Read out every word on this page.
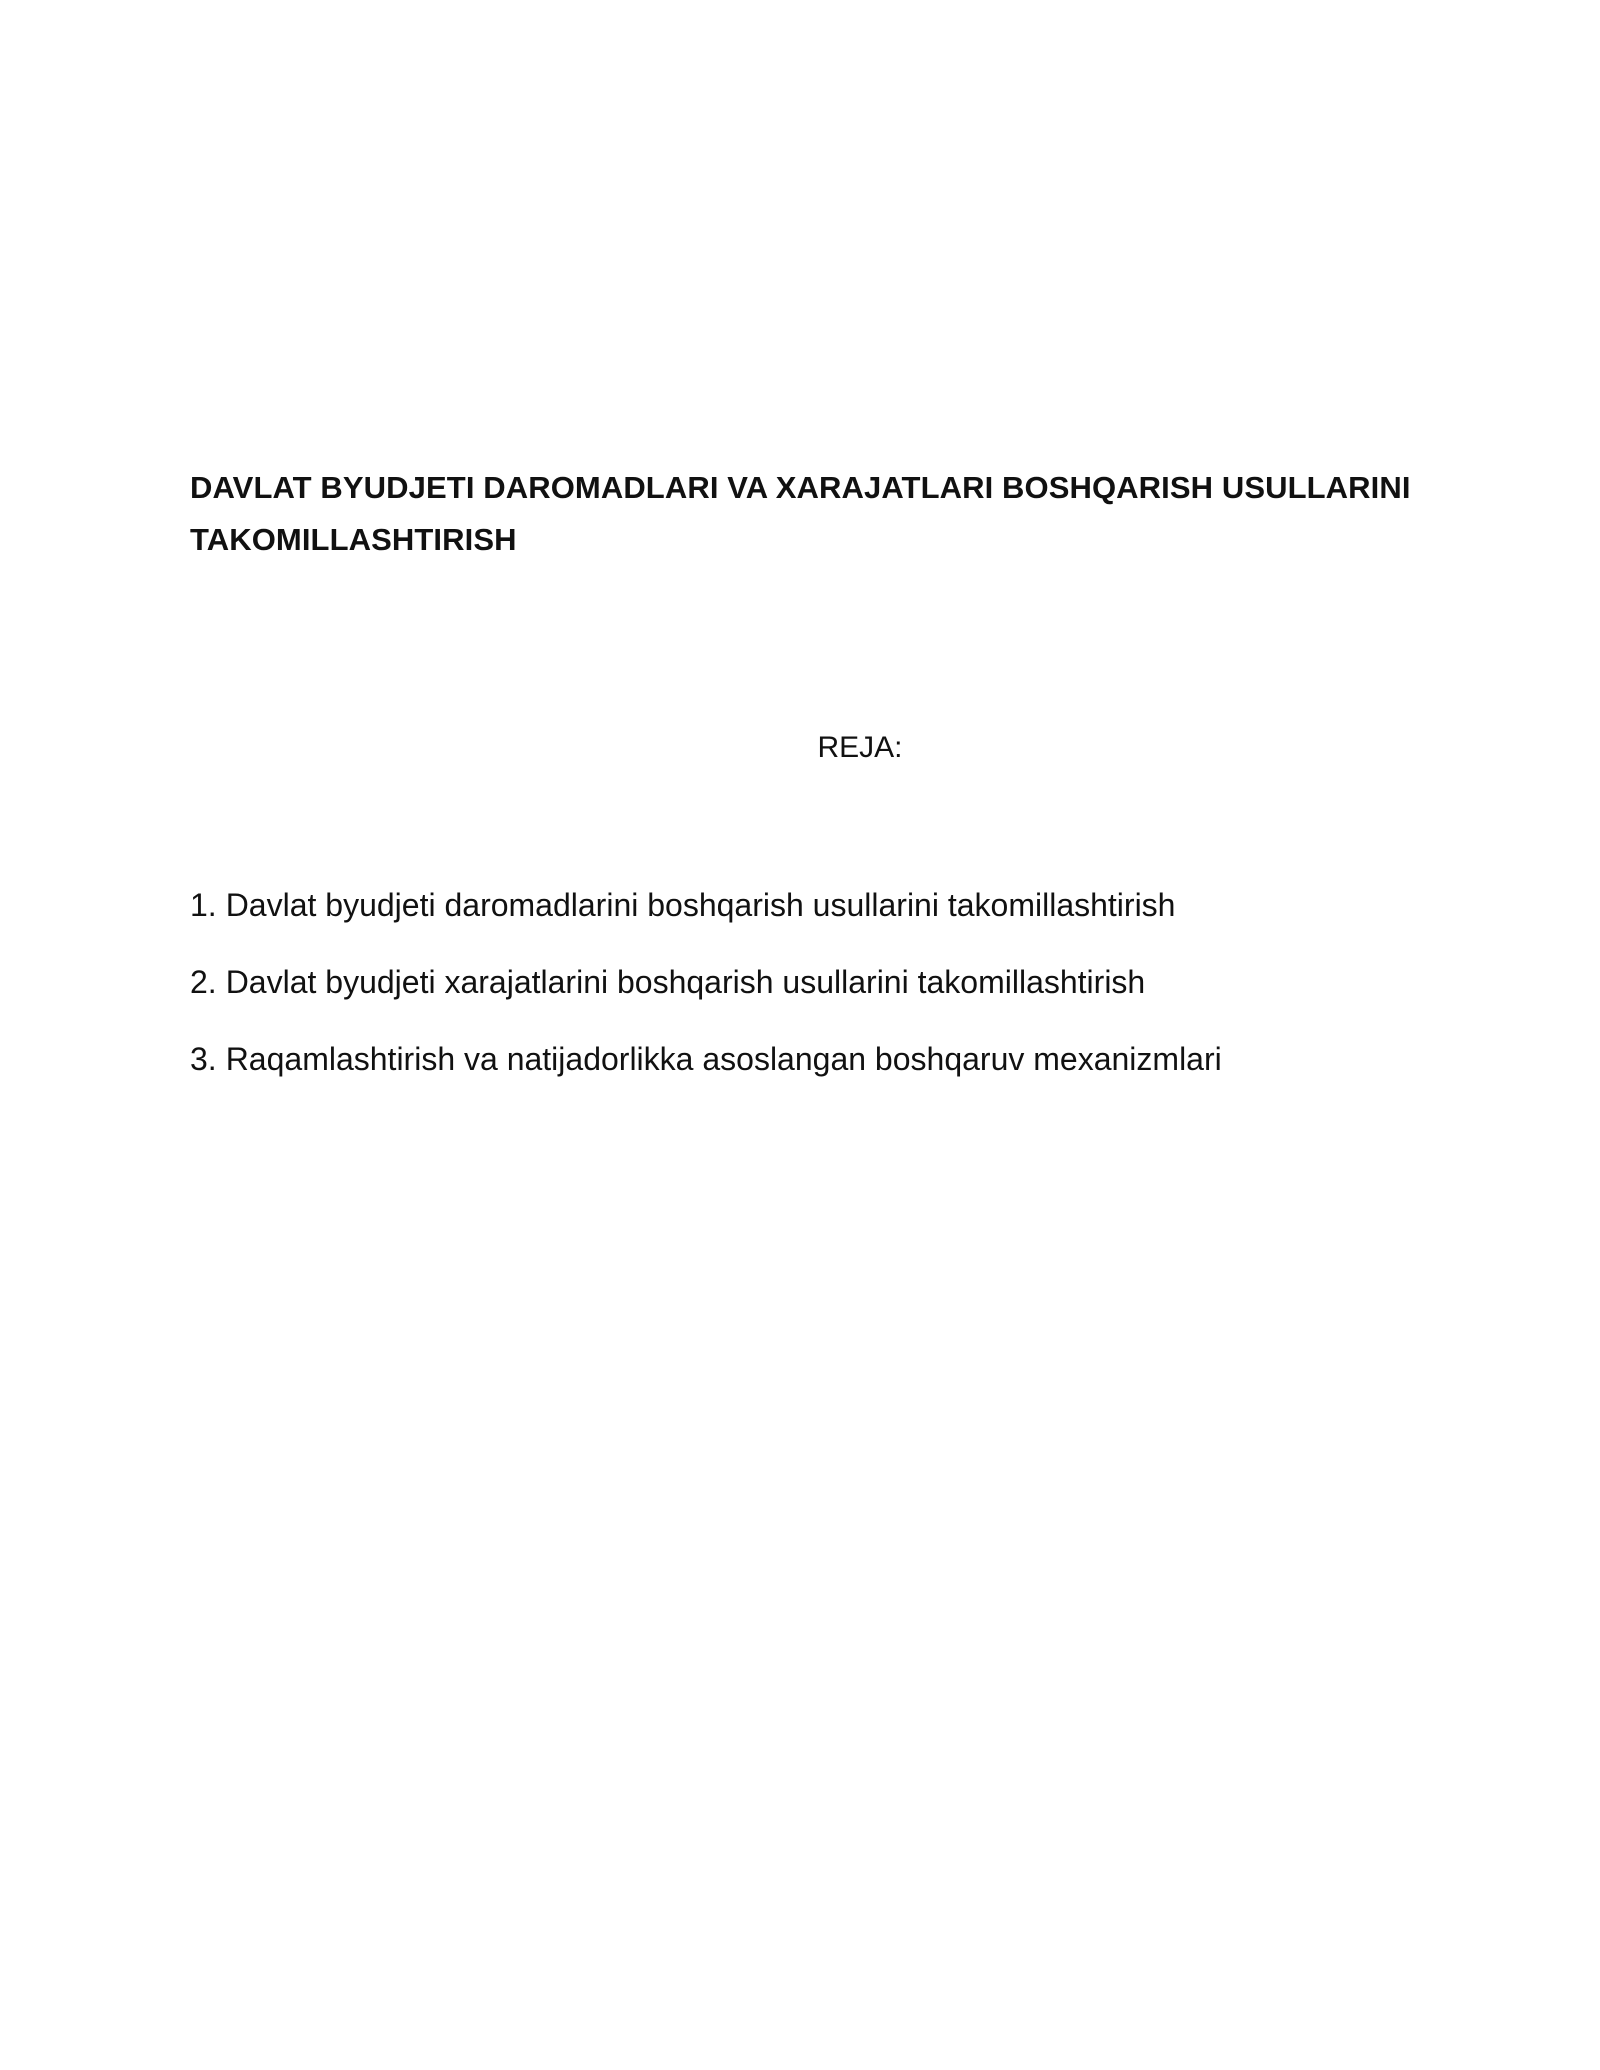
DAVLAT BYUDJETI DAROMADLARI VA XARAJATLARI BOSHQARISH USULLARINI
TAKOMILLASHTIRISH
REJA:
1. Davlat byudjeti daromadlarini boshqarish usullarini takomillashtirish
2. Davlat byudjeti xarajatlarini boshqarish usullarini takomillashtirish
3. Raqamlashtirish va natijadorlikka asoslangan boshqaruv mexanizmlari
